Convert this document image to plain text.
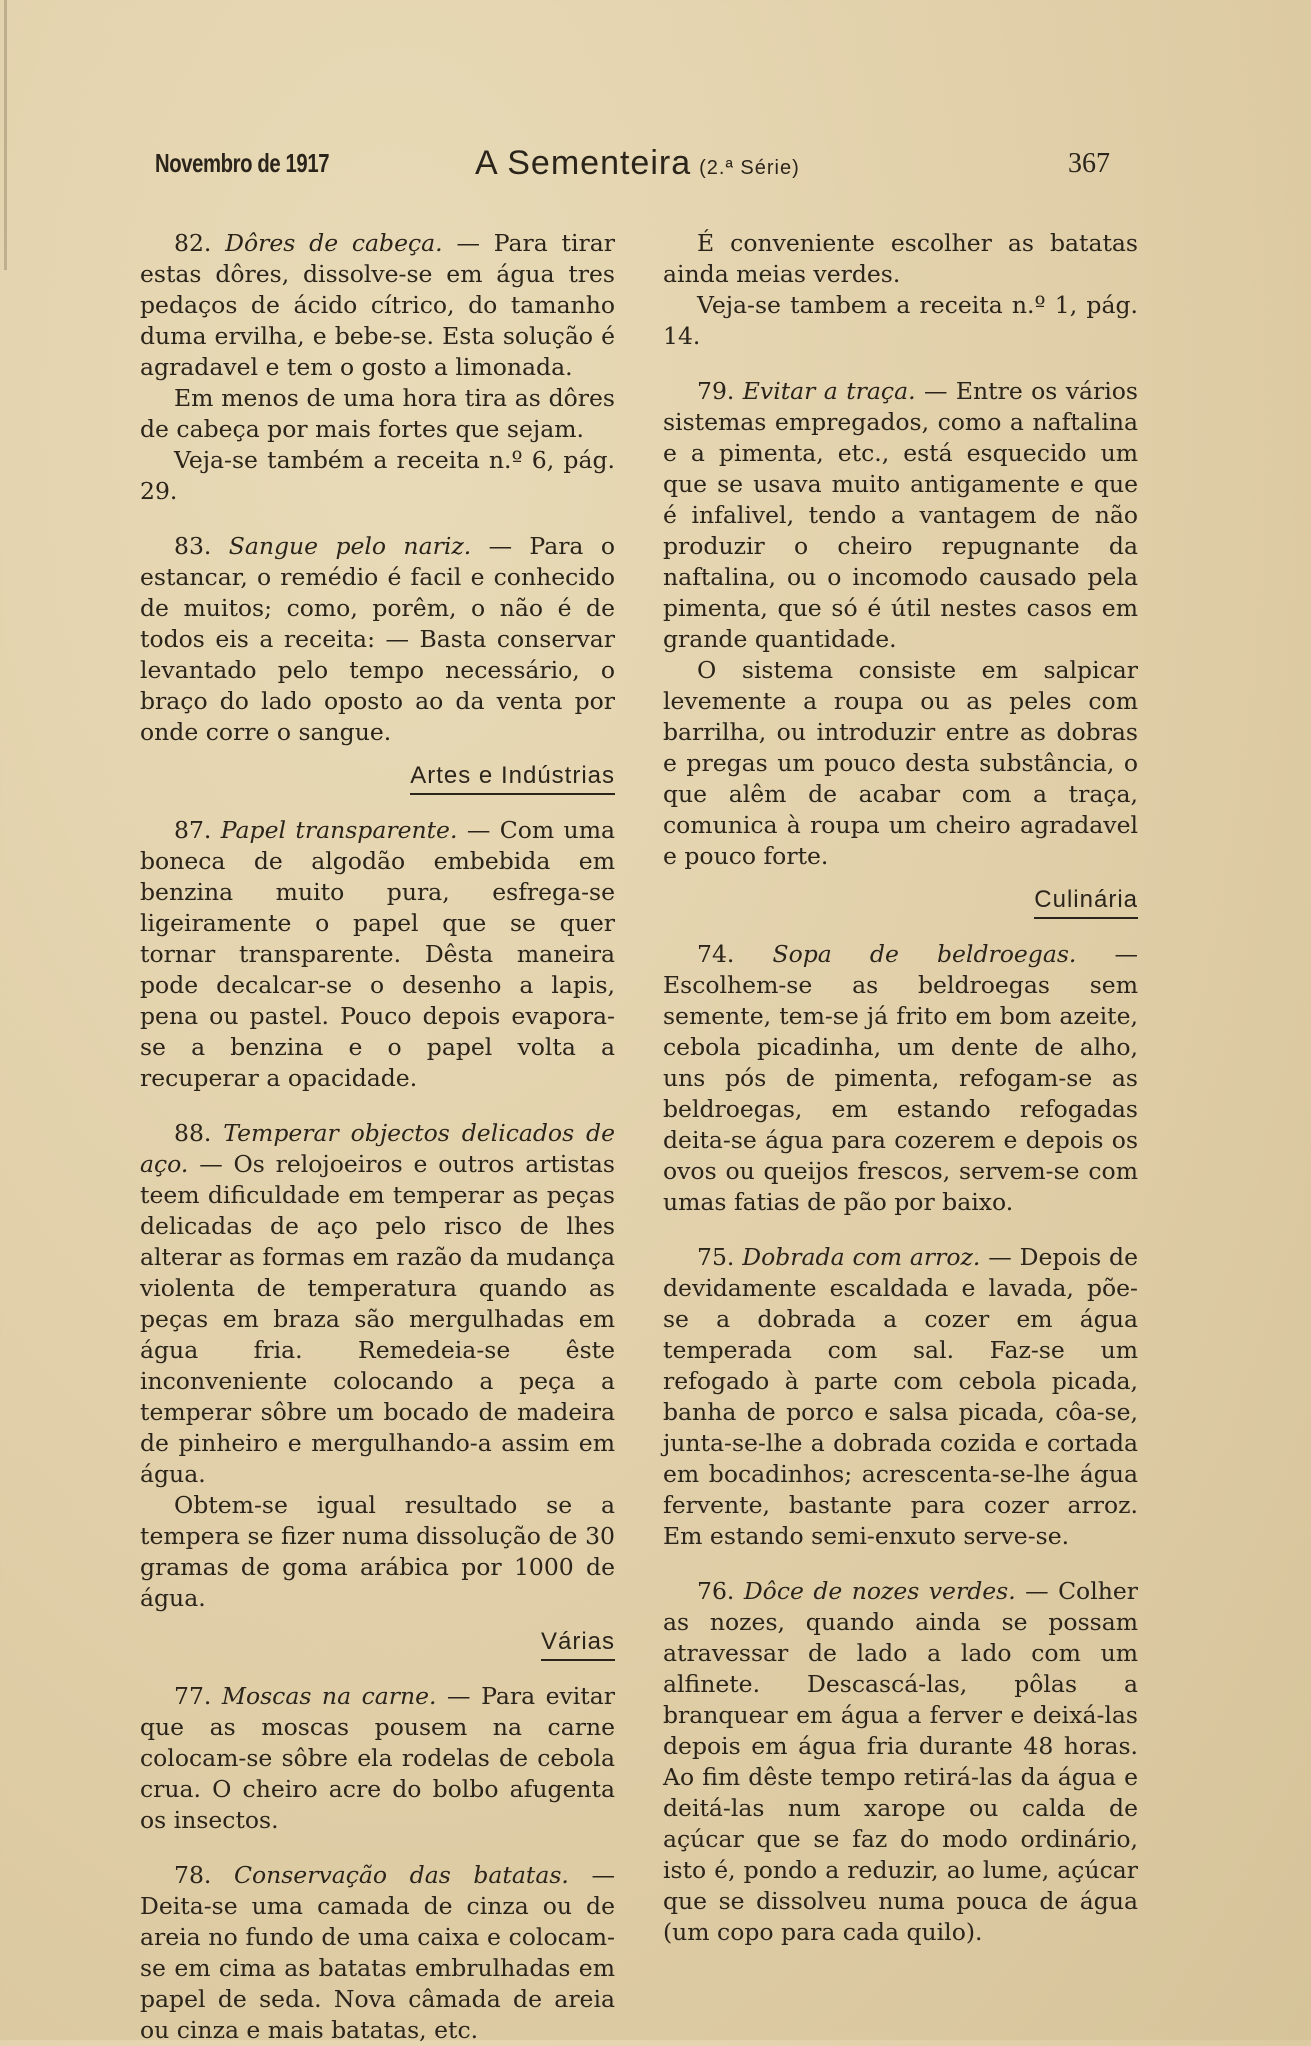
Novembro de 1917	A Sementeira (2.ª Série)	367

82. Dôres de cabeça. — Para tirar estas dôres, dissolve-se em água tres pedaços de ácido cítrico, do tamanho duma ervilha, e bebe-se. Esta solução é agradavel e tem o gosto a limonada.

Em menos de uma hora tira as dôres de cabeça por mais fortes que sejam.

Veja-se também a receita n.º 6, pág. 29.

83. Sangue pelo nariz. — Para o estancar, o remédio é facil e conhecido de muitos; como, porêm, o não é de todos eis a receita: — Basta conservar levantado pelo tempo necessário, o braço do lado oposto ao da venta por onde corre o sangue.

Artes e Indústrias

87. Papel transparente. — Com uma boneca de algodão embebida em benzina muito pura, esfrega-se ligeiramente o papel que se quer tornar transparente. Dêsta maneira pode decalcar-se o desenho a lapis, pena ou pastel. Pouco depois evapora-se a benzina e o papel volta a recuperar a opacidade.

88. Temperar objectos delicados de aço. — Os relojoeiros e outros artistas teem dificuldade em temperar as peças delicadas de aço pelo risco de lhes alterar as formas em razão da mudança violenta de temperatura quando as peças em braza são mergulhadas em água fria. Remedeia-se êste inconveniente colocando a peça a temperar sôbre um bocado de madeira de pinheiro e mergulhando-a assim em água.

Obtem-se igual resultado se a tempera se fizer numa dissolução de 30 gramas de goma arábica por 1000 de água.

Várias

77. Moscas na carne. — Para evitar que as moscas pousem na carne colocam-se sôbre ela rodelas de cebola crua. O cheiro acre do bolbo afugenta os insectos.

78. Conservação das batatas. — Deita-se uma camada de cinza ou de areia no fundo de uma caixa e colocam-se em cima as batatas embrulhadas em papel de seda. Nova câmada de areia ou cinza e mais batatas, etc.

É conveniente escolher as batatas ainda meias verdes.

Veja-se tambem a receita n.º 1, pág. 14.

79. Evitar a traça. — Entre os vários sistemas empregados, como a naftalina e a pimenta, etc., está esquecido um que se usava muito antigamente e que é infalivel, tendo a vantagem de não produzir o cheiro repugnante da naftalina, ou o incomodo causado pela pimenta, que só é útil nestes casos em grande quantidade.

O sistema consiste em salpicar levemente a roupa ou as peles com barrilha, ou introduzir entre as dobras e pregas um pouco desta substância, o que alêm de acabar com a traça, comunica à roupa um cheiro agradavel e pouco forte.

Culinária

74. Sopa de beldroegas. — Escolhem-se as beldroegas sem semente, tem-se já frito em bom azeite, cebola picadinha, um dente de alho, uns pós de pimenta, refogam-se as beldroegas, em estando refogadas deita-se água para cozerem e depois os ovos ou queijos frescos, servem-se com umas fatias de pão por baixo.

75. Dobrada com arroz. — Depois de devidamente escaldada e lavada, põe-se a dobrada a cozer em água temperada com sal. Faz-se um refogado à parte com cebola picada, banha de porco e salsa picada, côa-se, junta-se-lhe a dobrada cozida e cortada em bocadinhos; acrescenta-se-lhe água fervente, bastante para cozer arroz. Em estando semi-enxuto serve-se.

76. Dôce de nozes verdes. — Colher as nozes, quando ainda se possam atravessar de lado a lado com um alfinete. Descascá-las, pôlas a branquear em água a ferver e deixá-las depois em água fria durante 48 horas. Ao fim dêste tempo retirá-las da água e deitá-las num xarope ou calda de açúcar que se faz do modo ordinário, isto é, pondo a reduzir, ao lume, açúcar que se dissolveu numa pouca de água (um copo para cada quilo).
